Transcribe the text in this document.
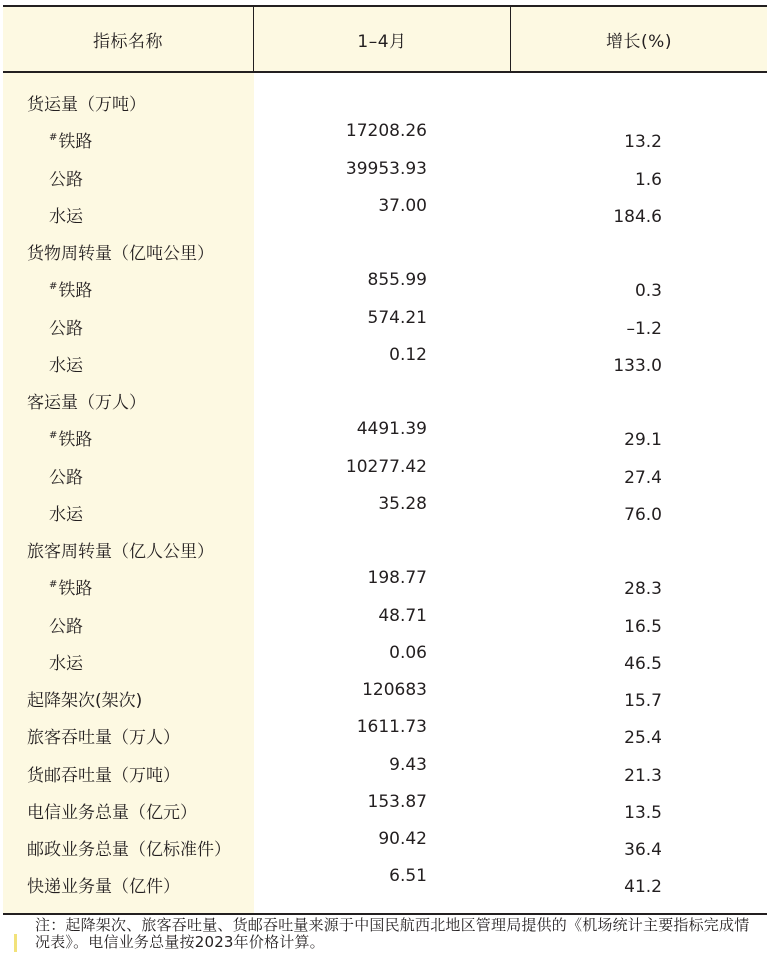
指标名称	1–4月	增长(%)
货运量（万吨）
#铁路
17208.26
13.2
公路
39953.93
1.6
水运
37.00
184.6
货物周转量（亿吨公里）
#铁路
855.99
0.3
公路
574.21
–1.2
水运
0.12
133.0
客运量（万人）
#铁路
4491.39
29.1
公路
10277.42
27.4
水运
35.28
76.0
旅客周转量（亿人公里）
#铁路
198.77
28.3
公路
48.71
16.5
水运
0.06
46.5
起降架次(架次)
120683
15.7
旅客吞吐量（万人）
1611.73
25.4
货邮吞吐量（万吨）
9.43
21.3
电信业务总量（亿元）
153.87
13.5
邮政业务总量（亿标准件）
90.42
36.4
快递业务量（亿件）
6.51
41.2
注：起降架次、旅客吞吐量、货邮吞吐量来源于中国民航西北地区管理局提供的《机场统计主要指标完成情况表》。电信业务总量按2023年价格计算。
